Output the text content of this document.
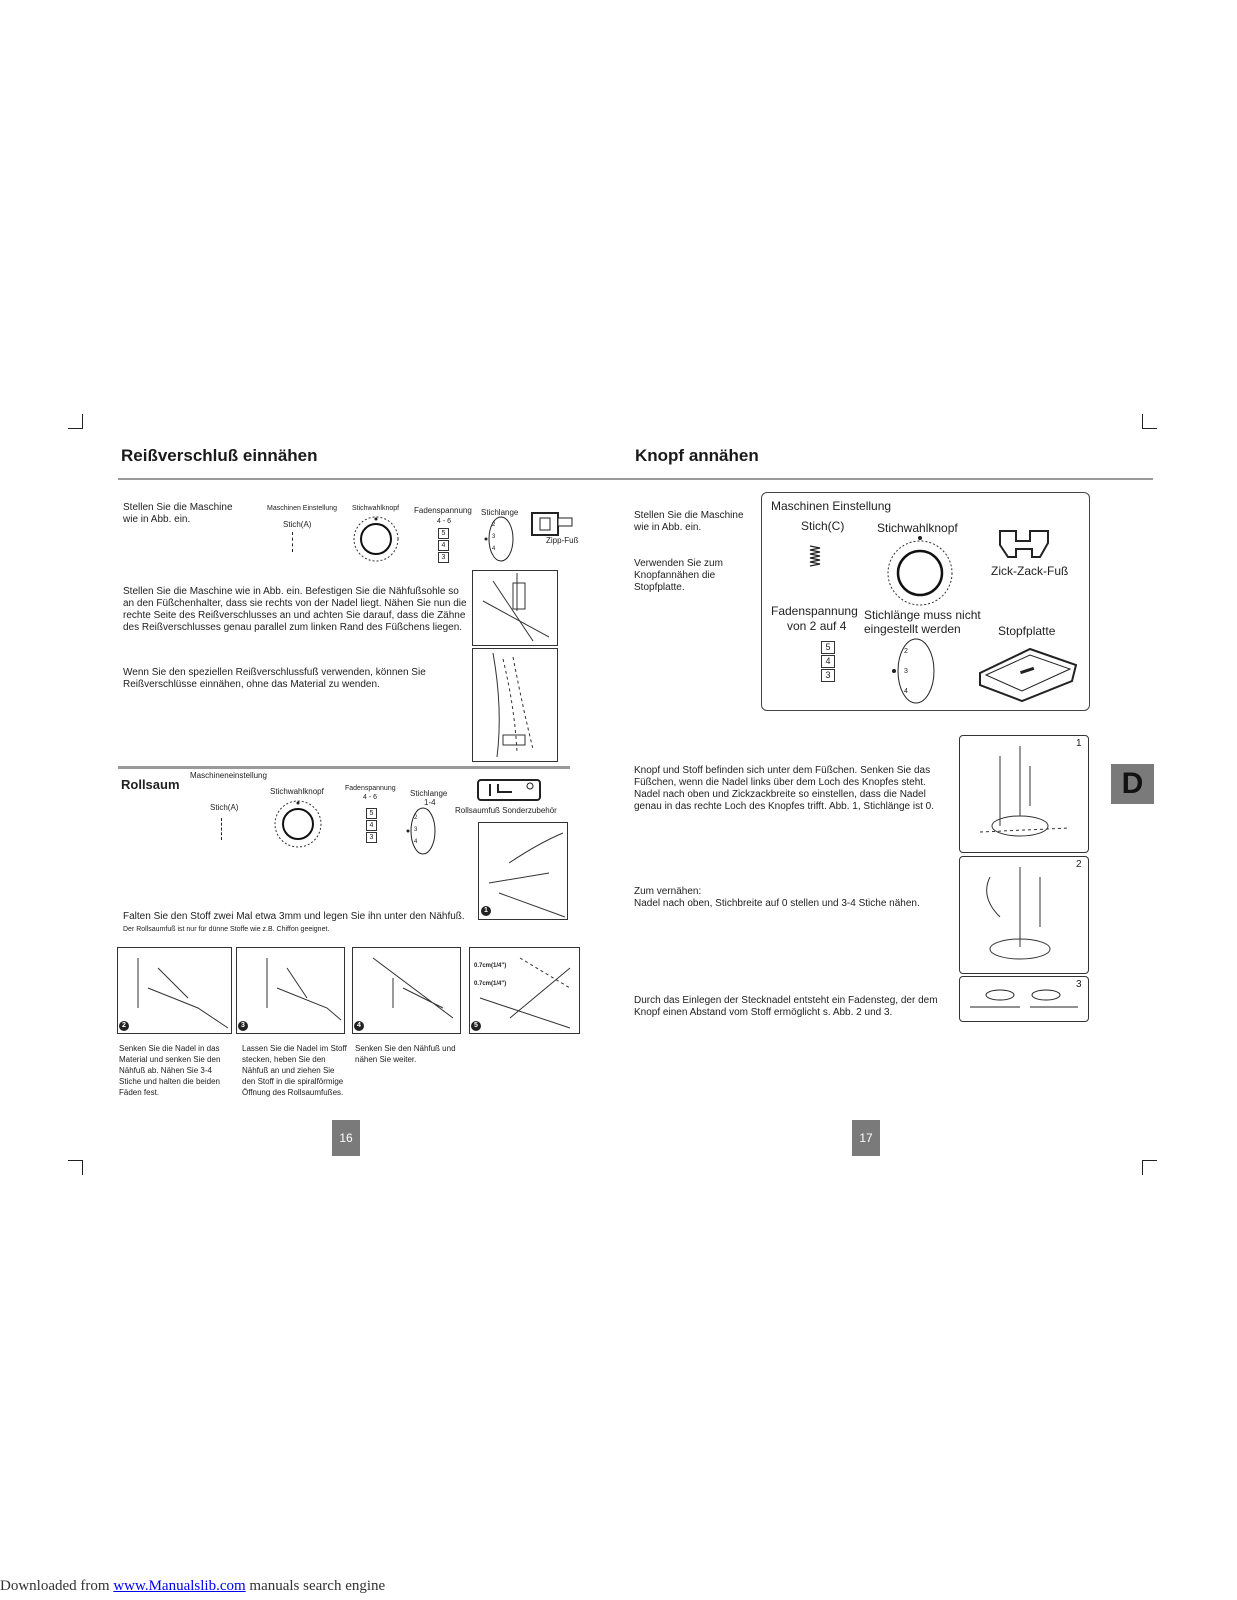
Reißverschluß einnähen	Knopf annähen
Stellen Sie die Maschine wie in Abb. ein.
Maschinen Einstellung
Stich(A)
Stichwahlknopf Fadenspannung
4 - 6
5
4
3
Stichlange
2
3
4
Zipp-Fuß
Stellen Sie die Maschine wie in Abb. ein. Befestigen Sie die Nähfußsohle so an den Füßchenhalter, dass sie rechts von der Nadel liegt. Nähen Sie nun die rechte Seite des Reißverschlusses an und achten Sie darauf, dass die Zähne des Reißverschlusses genau parallel zum linken Rand des Füßchens liegen.
Wenn Sie den speziellen Reißverschlussfuß verwenden, können Sie Reißverschlüsse einnähen, ohne das Material zu wenden.
Rollsaum
Maschineneinstellung
Stichwahlknopf
Stich(A)
Fadenspannung
4 - 6
5
4
3
Stichlange
1-4
2
3
4
Rollsaumfuß Sonderzubehör
1
Falten Sie den Stoff zwei Mal etwa 3mm und legen Sie ihn unter den Nähfuß.
Der Rollsaumfuß ist nur für dünne Stoffe wie z.B. Chiffon geeignet.
2	3	4
0.7cm(1/4")
0.7cm(1/4")
5
Senken Sie die Nadel in das Material und senken Sie den Nähfuß ab. Nähen Sie 3-4 Stiche und halten die beiden Fäden fest.
Lassen Sie die Nadel im Stoff stecken, heben Sie den Nähfuß an und ziehen Sie den Stoff in die spiralförmige Öffnung des Rollsaumfußes.
Senken Sie den Nähfuß und nähen Sie weiter.
16
Stellen Sie die Maschine wie in Abb. ein.
Verwenden Sie zum Knopfannähen die Stopfplatte.
Maschinen Einstellung
Stich(C)	Stichwahlknopf
Zick-Zack-Fuß
Fadenspannung
von 2 auf 4
5
4
3
Stichlänge muss nicht
eingestellt werden
2
3
4
Stopfplatte
Knopf und Stoff befinden sich unter dem Füßchen. Senken Sie das Füßchen, wenn die Nadel links über dem Loch des Knopfes steht. Nadel nach oben und Zickzackbreite so einstellen, dass die Nadel genau in das rechte Loch des Knopfes trifft. Abb. 1, Stichlänge ist 0.
Zum vernähen:
Nadel nach oben, Stichbreite auf 0 stellen und 3-4 Stiche nähen.
Durch das Einlegen der Stecknadel entsteht ein Fadensteg, der dem Knopf einen Abstand vom Stoff ermöglicht s. Abb. 2 und 3.
1
2
3
D
17
Downloaded from www.Manualslib.com manuals search engine
